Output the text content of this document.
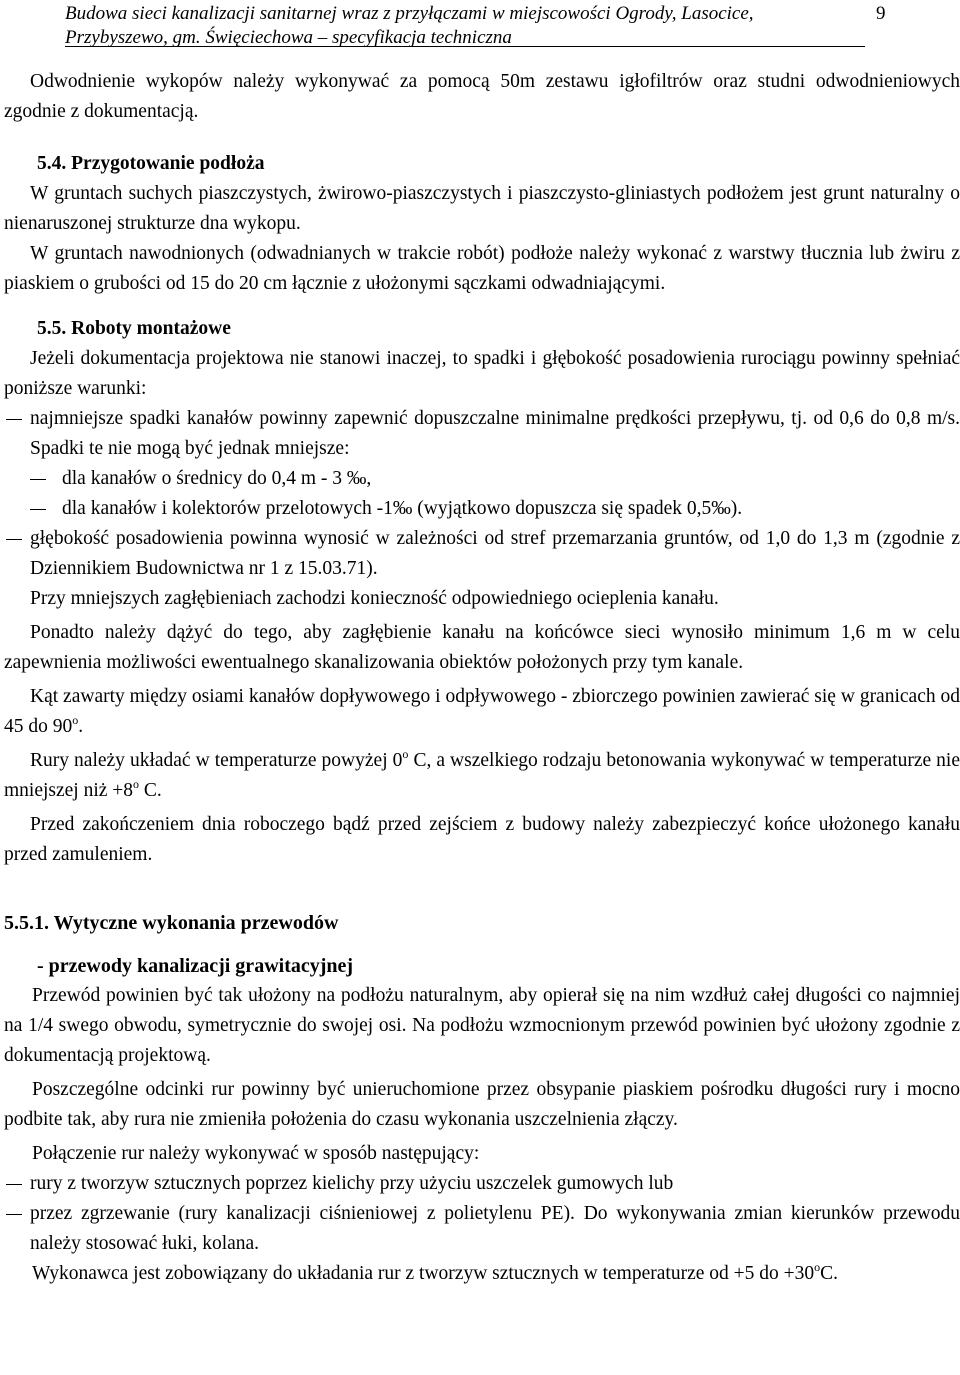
Budowa sieci kanalizacji sanitarnej wraz z przyłączami w miejscowości Ogrody, Lasocice,
Przybyszewo, gm. Święciechowa – specyfikacja techniczna
9

Odwodnienie wykopów należy wykonywać za pomocą 50m zestawu igłofiltrów oraz studni odwodnieniowych zgodnie z dokumentacją.

5.4. Przygotowanie podłoża

W gruntach suchych piaszczystych, żwirowo-piaszczystych i piaszczysto-gliniastych podłożem jest grunt naturalny o nienaruszonej strukturze dna wykopu.

W gruntach nawodnionych (odwadnianych w trakcie robót) podłoże należy wykonać z warstwy tłucznia lub żwiru z piaskiem o grubości od 15 do 20 cm łącznie z ułożonymi sączkami odwadniającymi.

5.5. Roboty montażowe

Jeżeli dokumentacja projektowa nie stanowi inaczej, to spadki i głębokość posadowienia rurociągu powinny spełniać poniższe warunki:

najmniejsze spadki kanałów powinny zapewnić dopuszczalne minimalne prędkości przepływu, tj. od 0,6 do 0,8 m/s. Spadki te nie mogą być jednak mniejsze:

dla kanałów o średnicy do 0,4 m - 3 ‰,

dla kanałów i kolektorów przelotowych -1‰ (wyjątkowo dopuszcza się spadek 0,5‰).

głębokość posadowienia powinna wynosić w zależności od stref przemarzania gruntów, od 1,0 do 1,3 m (zgodnie z Dziennikiem Budownictwa nr 1 z 15.03.71).

Przy mniejszych zagłębieniach zachodzi konieczność odpowiedniego ocieplenia kanału.

Ponadto należy dążyć do tego, aby zagłębienie kanału na końcówce sieci wynosiło minimum 1,6 m w celu zapewnienia możliwości ewentualnego skanalizowania obiektów położonych przy tym kanale.

Kąt zawarty między osiami kanałów dopływowego i odpływowego - zbiorczego powinien zawierać się w granicach od 45 do 90$^o$.

Rury należy układać w temperaturze powyżej 0$^o$ C, a wszelkiego rodzaju betonowania wykonywać w temperaturze nie mniejszej niż $+8^o$ C.

Przed zakończeniem dnia roboczego bądź przed zejściem z budowy należy zabezpieczyć końce ułożonego kanału przed zamuleniem.

5.5.1. Wytyczne wykonania przewodów

- przewody kanalizacji grawitacyjnej

Przewód powinien być tak ułożony na podłożu naturalnym, aby opierał się na nim wzdłuż całej długości co najmniej na 1/4 swego obwodu, symetrycznie do swojej osi. Na podłożu wzmocnionym przewód powinien być ułożony zgodnie z dokumentacją projektową.

Poszczególne odcinki rur powinny być unieruchomione przez obsypanie piaskiem pośrodku długości rury i mocno podbite tak, aby rura nie zmieniła położenia do czasu wykonania uszczelnienia złączy.

Połączenie rur należy wykonywać w sposób następujący:

rury z tworzyw sztucznych poprzez kielichy przy użyciu uszczelek gumowych lub

przez zgrzewanie (rury kanalizacji ciśnieniowej z polietylenu PE). Do wykonywania zmian kierunków przewodu należy stosować łuki, kolana.

Wykonawca jest zobowiązany do układania rur z tworzyw sztucznych w temperaturze od +5 do $+30^oC$.
